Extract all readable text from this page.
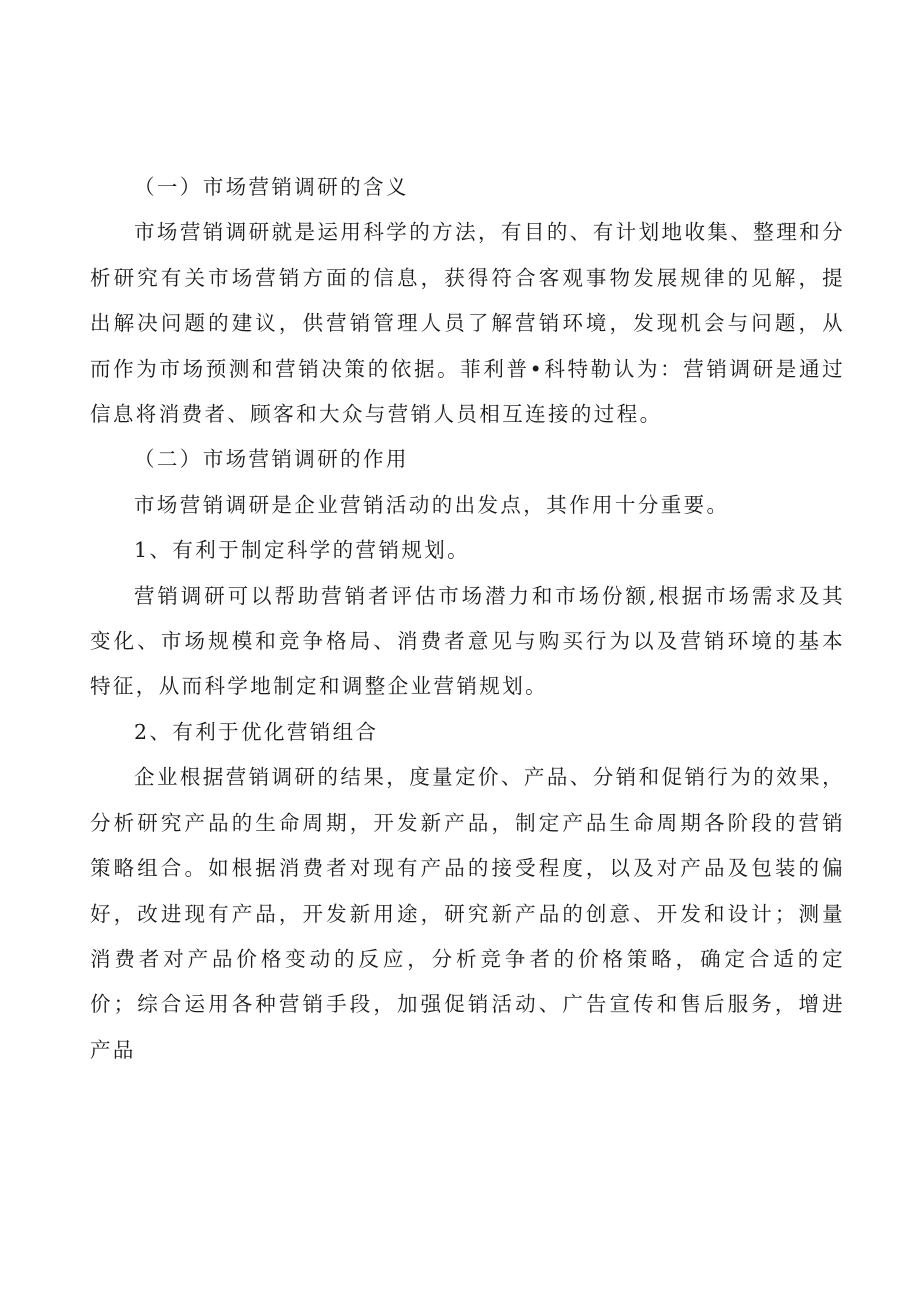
（一）市场营销调研的含义

市场营销调研就是运用科学的方法，有目的、有计划地收集、整理和分析研究有关市场营销方面的信息，获得符合客观事物发展规律的见解，提出解决问题的建议，供营销管理人员了解营销环境，发现机会与问题，从而作为市场预测和营销决策的依据。菲利普•科特勒认为：营销调研是通过信息将消费者、顾客和大众与营销人员相互连接的过程。

（二）市场营销调研的作用

市场营销调研是企业营销活动的出发点，其作用十分重要。

1、有利于制定科学的营销规划。

营销调研可以帮助营销者评估市场潜力和市场份额,根据市场需求及其变化、市场规模和竞争格局、消费者意见与购买行为以及营销环境的基本特征，从而科学地制定和调整企业营销规划。

2、有利于优化营销组合

企业根据营销调研的结果，度量定价、产品、分销和促销行为的效果，分析研究产品的生命周期，开发新产品，制定产品生命周期各阶段的营销策略组合。如根据消费者对现有产品的接受程度，以及对产品及包装的偏好，改进现有产品，开发新用途，研究新产品的创意、开发和设计；测量消费者对产品价格变动的反应，分析竞争者的价格策略，确定合适的定价；综合运用各种营销手段，加强促销活动、广告宣传和售后服务，增进产品
